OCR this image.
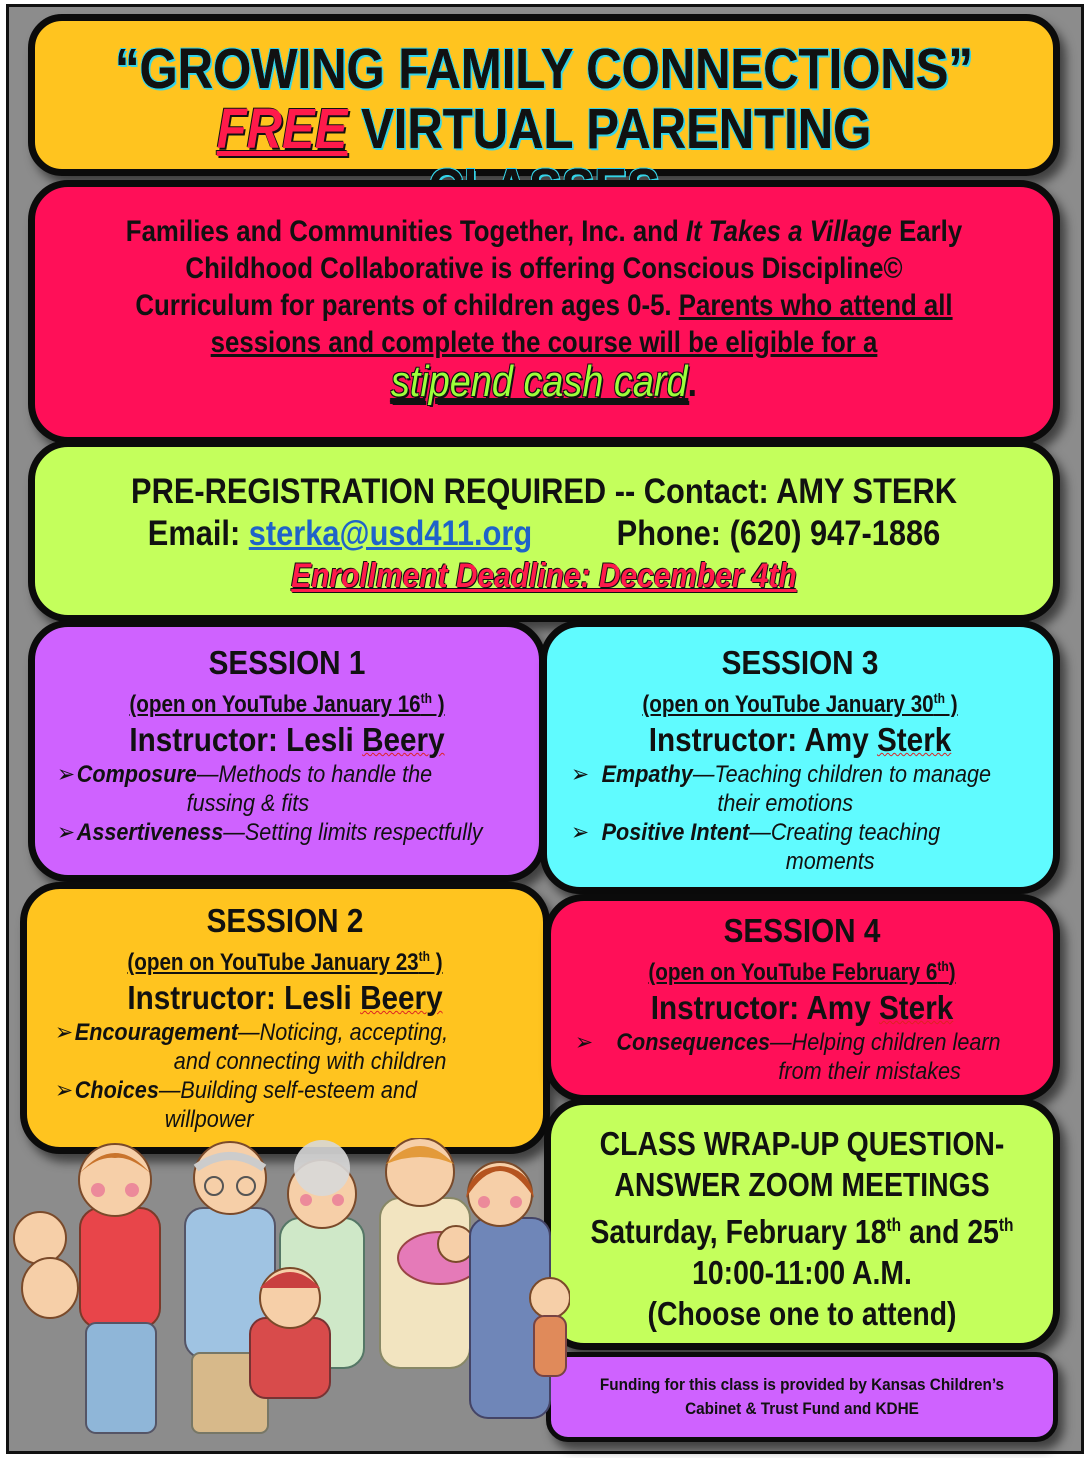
“GROWING FAMILY CONNECTIONS”
FREE VIRTUAL PARENTING
Families and Communities Together, Inc. and It Takes a Village Early
Childhood Collaborative is offering Conscious Discipline©
Curriculum for parents of children ages 0-5. Parents who attend all
sessions and complete the course will be eligible for a
stipend cash card.
PRE-REGISTRATION REQUIRED -- Contact: AMY STERK
Email: sterka@usd411.org Phone: (620) 947-1886
Enrollment Deadline: December 4th
SESSION 1
(open on YouTube January 16th )
Instructor: Lesli Beery
➢ Composure—Methods to handle the
fussing & fits
➢ Assertiveness—Setting limits respectfully
SESSION 3
(open on YouTube January 30th )
Instructor: Amy Sterk
➢ Empathy—Teaching children to manage
their emotions
➢ Positive Intent—Creating teaching
moments
SESSION 2
(open on YouTube January 23th )
Instructor: Lesli Beery
➢ Encouragement—Noticing, accepting,
and connecting with children
➢ Choices—Building self-esteem and
willpower
SESSION 4
(open on YouTube February 6th)
Instructor: Amy Sterk
➢ Consequences—Helping children learn
from their mistakes
CLASS WRAP-UP QUESTION-
ANSWER ZOOM MEETINGS
Saturday, February 18th and 25th
10:00-11:00 A.M.
(Choose one to attend)
Funding for this class is provided by Kansas Children’s
Cabinet & Trust Fund and KDHE
